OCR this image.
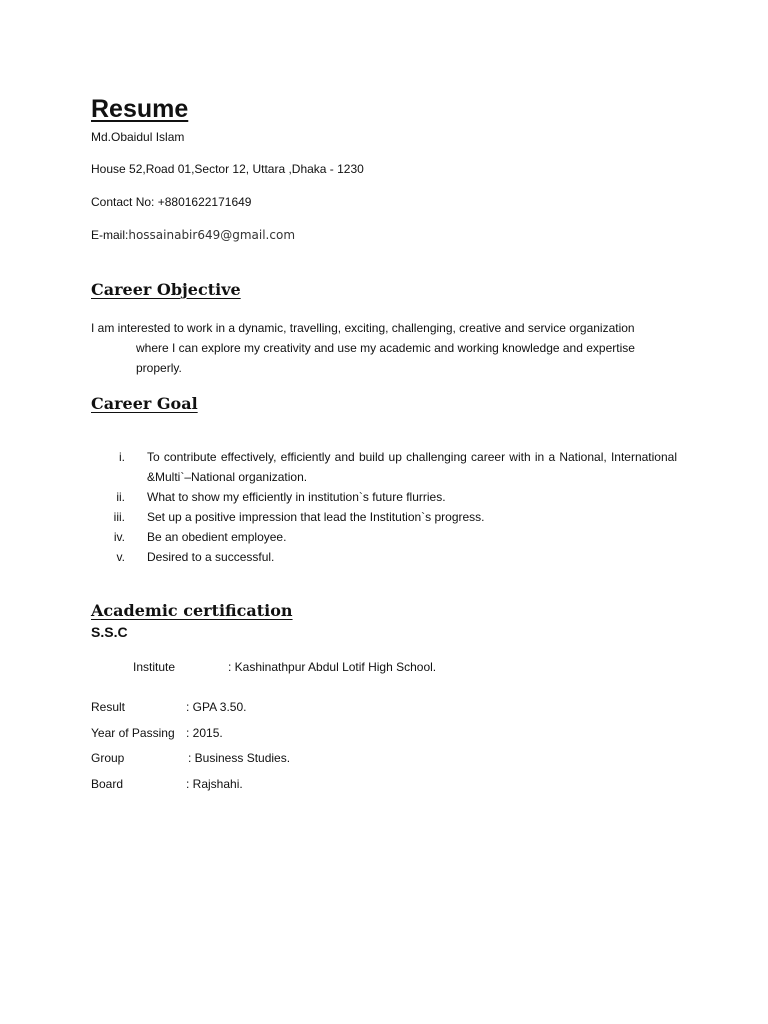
Resume
Md.Obaidul Islam
House 52,Road 01,Sector 12, Uttara ,Dhaka - 1230
Contact No: +8801622171649
E-mail:hossainabir649@gmail.com
Career Objective
I am interested to work in a dynamic, travelling, exciting, challenging, creative and service organization
where I can explore my creativity and use my academic and working knowledge and expertise
properly.
Career Goal
i. To contribute effectively, efficiently and build up challenging career with in a National, International &Multi`–National organization.
ii. What to show my efficiently in institution`s future flurries.
iii. Set up a positive impression that lead the Institution`s progress.
iv. Be an obedient employee.
v. Desired to a successful.
Academic certification
S.S.C
Institute	: Kashinathpur Abdul Lotif High School.
Result	: GPA 3.50.
Year of Passing : 2015.
Group	: Business Studies.
Board	: Rajshahi.
